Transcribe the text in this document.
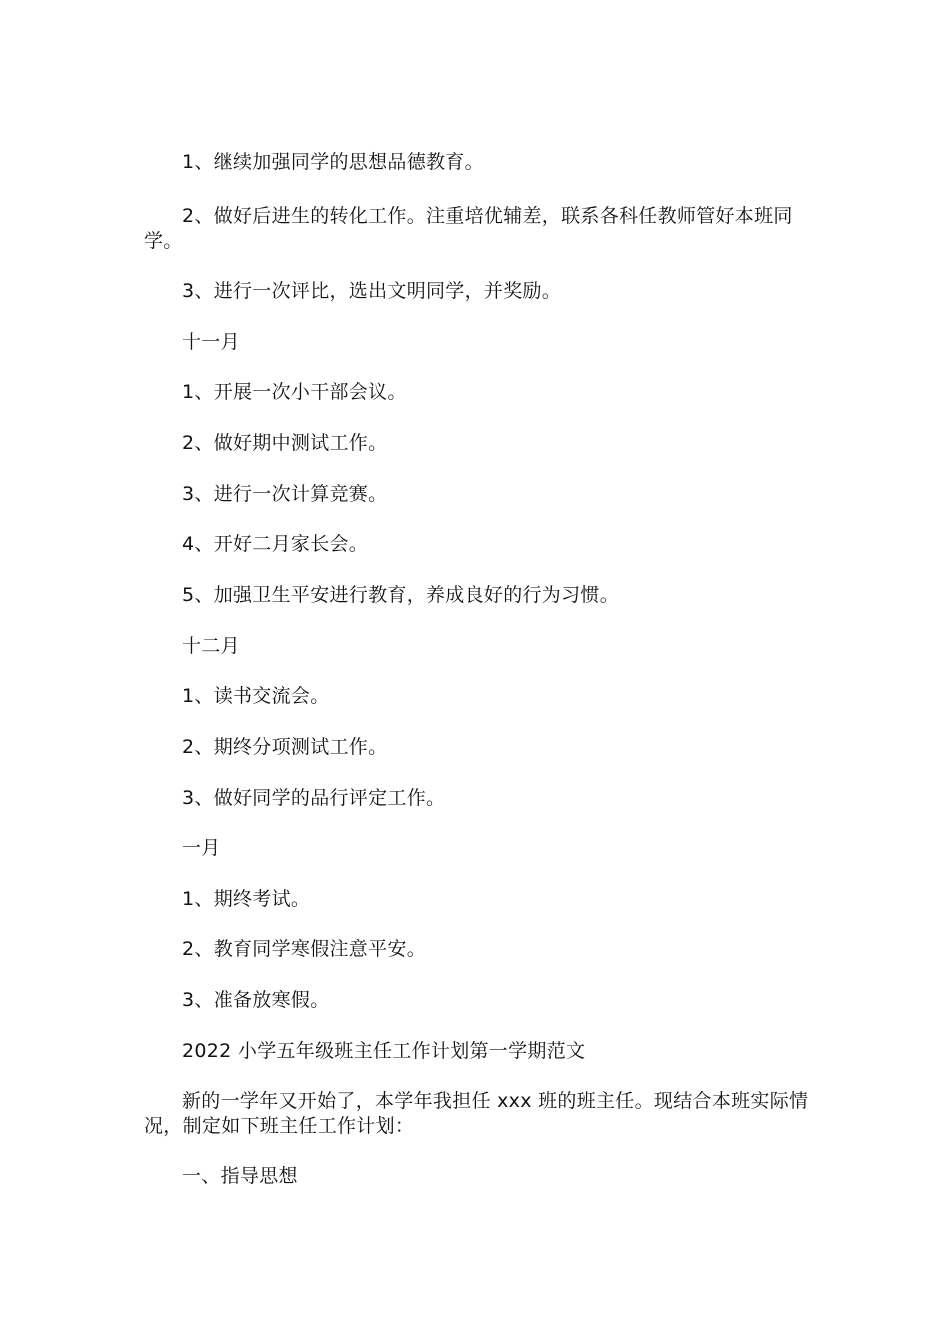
1、继续加强同学的思想品德教育。

2、做好后进生的转化工作。注重培优辅差，联系各科任教师管好本班同学。

3、进行一次评比，选出文明同学，并奖励。

十一月

1、开展一次小干部会议。

2、做好期中测试工作。

3、进行一次计算竞赛。

4、开好二月家长会。

5、加强卫生平安进行教育，养成良好的行为习惯。

十二月

1、读书交流会。

2、期终分项测试工作。

3、做好同学的品行评定工作。

一月

1、期终考试。

2、教育同学寒假注意平安。

3、准备放寒假。

2022 小学五年级班主任工作计划第一学期范文

新的一学年又开始了，本学年我担任 xxx 班的班主任。现结合本班实际情况，制定如下班主任工作计划：

一、指导思想
